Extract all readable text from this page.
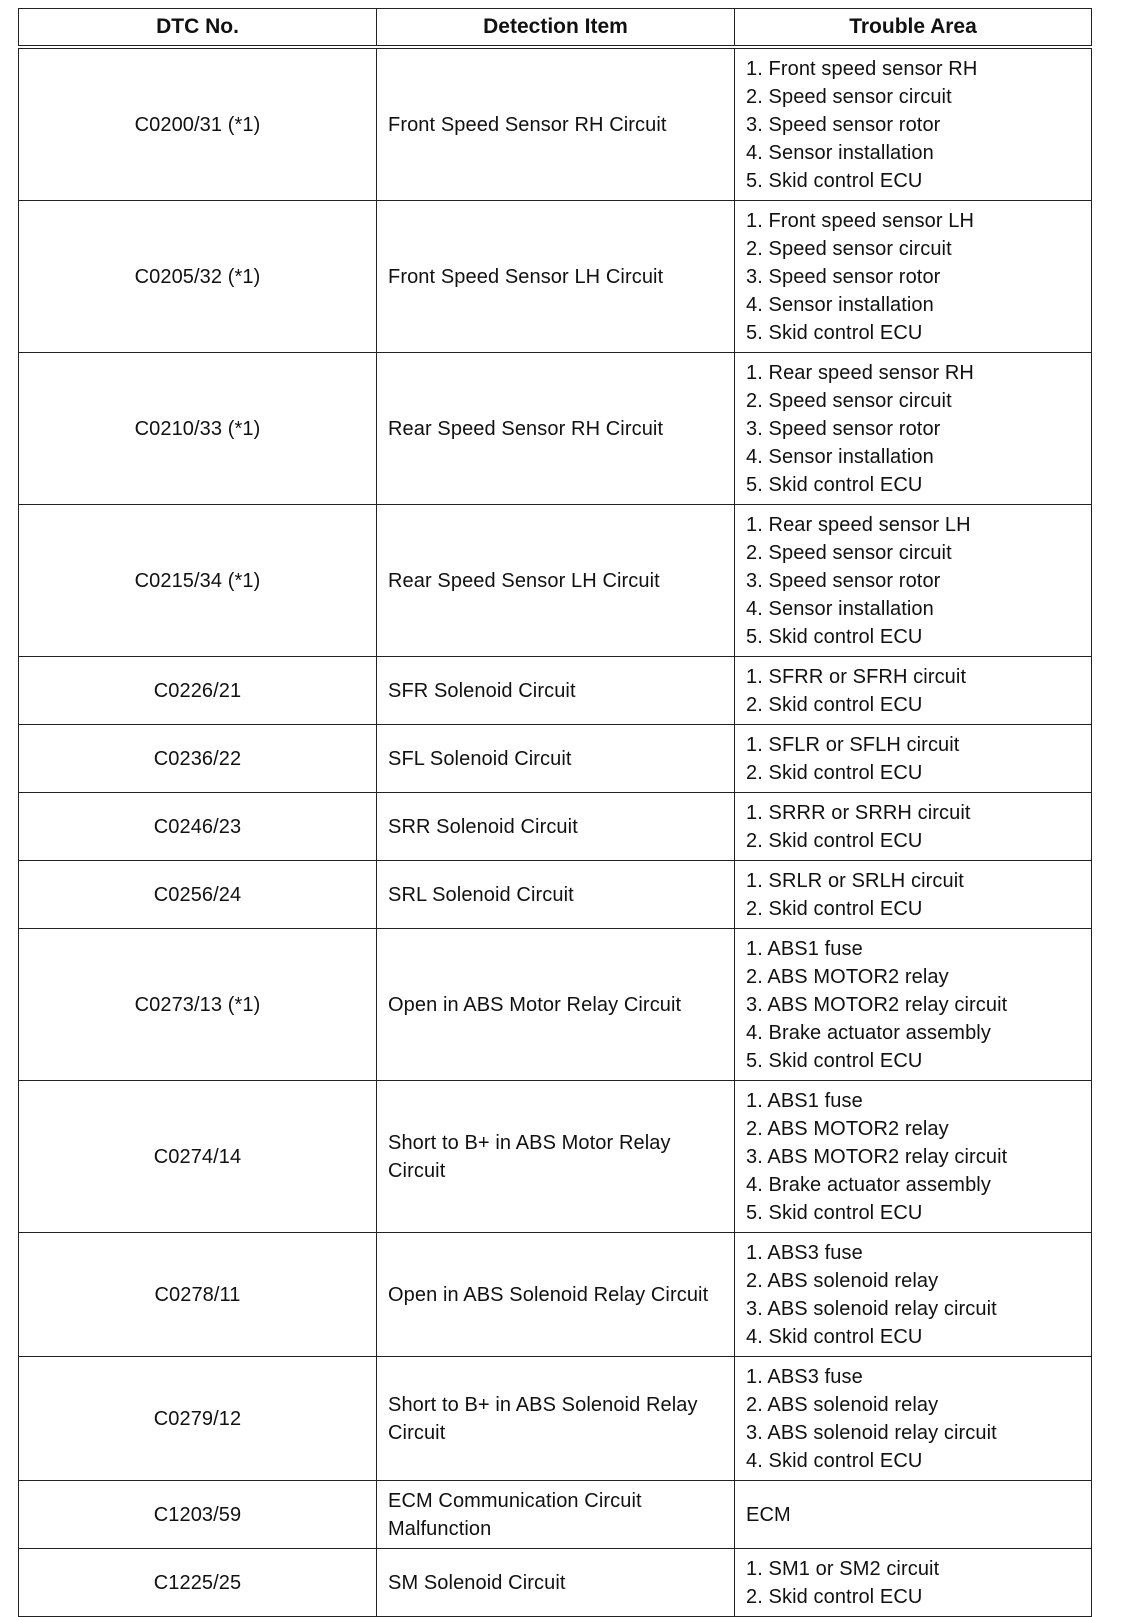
DTC No.	Detection Item	Trouble Area
C0200/31 (*1)	Front Speed Sensor RH Circuit	1. Front speed sensor RH
2. Speed sensor circuit
3. Speed sensor rotor
4. Sensor installation
5. Skid control ECU

C0205/32 (*1)	Front Speed Sensor LH Circuit	1. Front speed sensor LH
2. Speed sensor circuit
3. Speed sensor rotor
4. Sensor installation
5. Skid control ECU

C0210/33 (*1)	Rear Speed Sensor RH Circuit	1. Rear speed sensor RH
2. Speed sensor circuit
3. Speed sensor rotor
4. Sensor installation
5. Skid control ECU

C0215/34 (*1)	Rear Speed Sensor LH Circuit	1. Rear speed sensor LH
2. Speed sensor circuit
3. Speed sensor rotor
4. Sensor installation
5. Skid control ECU

C0226/21	SFR Solenoid Circuit	1. SFRR or SFRH circuit
2. Skid control ECU

C0236/22	SFL Solenoid Circuit	1. SFLR or SFLH circuit
2. Skid control ECU

C0246/23	SRR Solenoid Circuit	1. SRRR or SRRH circuit
2. Skid control ECU

C0256/24	SRL Solenoid Circuit	1. SRLR or SRLH circuit
2. Skid control ECU

C0273/13 (*1)	Open in ABS Motor Relay Circuit	1. ABS1 fuse
2. ABS MOTOR2 relay
3. ABS MOTOR2 relay circuit
4. Brake actuator assembly
5. Skid control ECU

C0274/14	Short to B+ in ABS Motor Relay Circuit	1. ABS1 fuse
2. ABS MOTOR2 relay
3. ABS MOTOR2 relay circuit
4. Brake actuator assembly
5. Skid control ECU

C0278/11	Open in ABS Solenoid Relay Circuit	1. ABS3 fuse
2. ABS solenoid relay
3. ABS solenoid relay circuit
4. Skid control ECU

C0279/12	Short to B+ in ABS Solenoid Relay Circuit	1. ABS3 fuse
2. ABS solenoid relay
3. ABS solenoid relay circuit
4. Skid control ECU

C1203/59	ECM Communication Circuit Malfunction	ECM

C1225/25	SM Solenoid Circuit	1. SM1 or SM2 circuit
2. Skid control ECU
